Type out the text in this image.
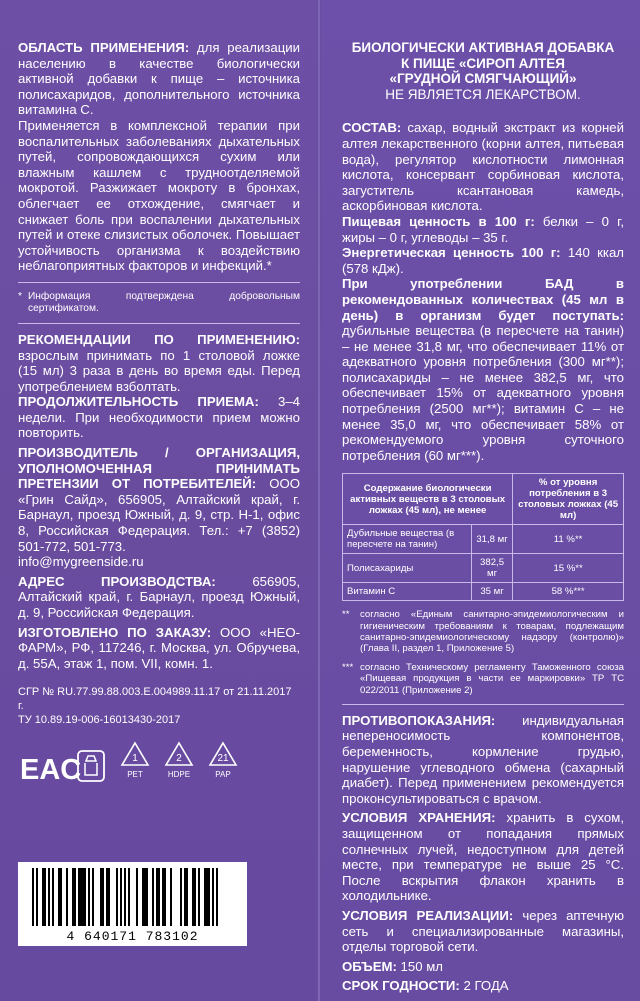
ОБЛАСТЬ ПРИМЕНЕНИЯ: для реализации населению в качестве биологически активной добавки к пище – источника полисахаридов, дополнительного источника витамина С.

Применяется в комплексной терапии при воспалительных заболеваниях дыхательных путей, сопровождающихся сухим или влажным кашлем с трудноотделяемой мокротой. Разжижает мокроту в бронхах, облегчает ее отхождение, смягчает и снижает боль при воспалении дыхательных путей и отеке слизистых оболочек. Повышает устойчивость организма к воздействию неблагоприятных факторов и инфекций.*

* Информация подтверждена добровольным сертификатом.

РЕКОМЕНДАЦИИ ПО ПРИМЕНЕНИЮ: взрослым принимать по 1 столовой ложке (15 мл) 3 раза в день во время еды. Перед употреблением взболтать.

ПРОДОЛЖИТЕЛЬНОСТЬ ПРИЕМА: 3–4 недели. При необходимости прием можно повторить.

ПРОИЗВОДИТЕЛЬ / ОРГАНИЗАЦИЯ, УПОЛНОМОЧЕННАЯ ПРИНИМАТЬ ПРЕТЕНЗИИ ОТ ПОТРЕБИТЕЛЕЙ: ООО «Грин Сайд», 656905, Алтайский край, г. Барнаул, проезд Южный, д. 9, стр. Н-1, офис 8, Российская Федерация. Тел.: +7 (3852) 501-772, 501-773.

info@mygreenside.ru

АДРЕС ПРОИЗВОДСТВА: 656905, Алтайский край, г. Барнаул, проезд Южный, д. 9, Российская Федерация.

ИЗГОТОВЛЕНО ПО ЗАКАЗУ: ООО «НЕО-ФАРМ», РФ, 117246, г. Москва, ул. Обручева, д. 55А, этаж 1, пом. VII, комн. 1.

СГР № RU.77.99.88.003.Е.004989.11.17 от 21.11.2017 г.

ТУ 10.89.19-006-16013430-2017

EAC	1
PET
2
HDPE
21
PAP
4 640171 783102
БИОЛОГИЧЕСКИ АКТИВНАЯ ДОБАВКА
К ПИЩЕ «СИРОП АЛТЕЯ
«ГРУДНОЙ СМЯГЧАЮЩИЙ»
НЕ ЯВЛЯЕТСЯ ЛЕКАРСТВОМ.

СОСТАВ: сахар, водный экстракт из корней алтея лекарственного (корни алтея, питьевая вода), регулятор кислотности лимонная кислота, консервант сорбиновая кислота, загуститель ксантановая камедь, аскорбиновая кислота.

Пищевая ценность в 100 г: белки – 0 г, жиры – 0 г, углеводы – 35 г.

Энергетическая ценность 100 г: 140 ккал (578 кДж).

При употреблении БАД в рекомендованных количествах (45 мл в день) в организм будет поступать: дубильные вещества (в пересчете на танин) – не менее 31,8 мг, что обеспечивает 11% от адекватного уровня потребления (300 мг**); полисахариды – не менее 382,5 мг, что обеспечивает 15% от адекватного уровня потребления (2500 мг**); витамин С – не менее 35,0 мг, что обеспечивает 58% от рекомендуемого уровня суточного потребления (60 мг***).

Содержание биологически активных веществ в 3 столовых ложках (45 мл), не менее		% от уровня потребления в 3 столовых ложках (45 мл)
Дубильные вещества (в пересчете на танин)	31,8 мг	11 %**
Полисахариды	382,5 мг	15 %**
Витамин С	35 мг	58 %***
**	согласно «Единым санитарно-эпидемиологическим и гигиеническим требованиям к товарам, подлежащим санитарно-эпидемиологическому надзору (контролю)» (Глава II, раздел 1, Приложение 5)
*** согласно Техническому регламенту Таможенного союза «Пищевая продукция в части ее маркировки» ТР ТС 022/2011 (Приложение 2)

ПРОТИВОПОКАЗАНИЯ: индивидуальная непереносимость компонентов, беременность, кормление грудью, нарушение углеводного обмена (сахарный диабет). Перед применением рекомендуется проконсультироваться с врачом.

УСЛОВИЯ ХРАНЕНИЯ: хранить в сухом, защищенном от попадания прямых солнечных лучей, недоступном для детей месте, при температуре не выше 25 °С. После вскрытия флакон хранить в холодильнике.

УСЛОВИЯ РЕАЛИЗАЦИИ: через аптечную сеть и специализированные магазины, отделы торговой сети.

ОБЪЕМ: 150 мл

СРОК ГОДНОСТИ: 2 ГОДА
